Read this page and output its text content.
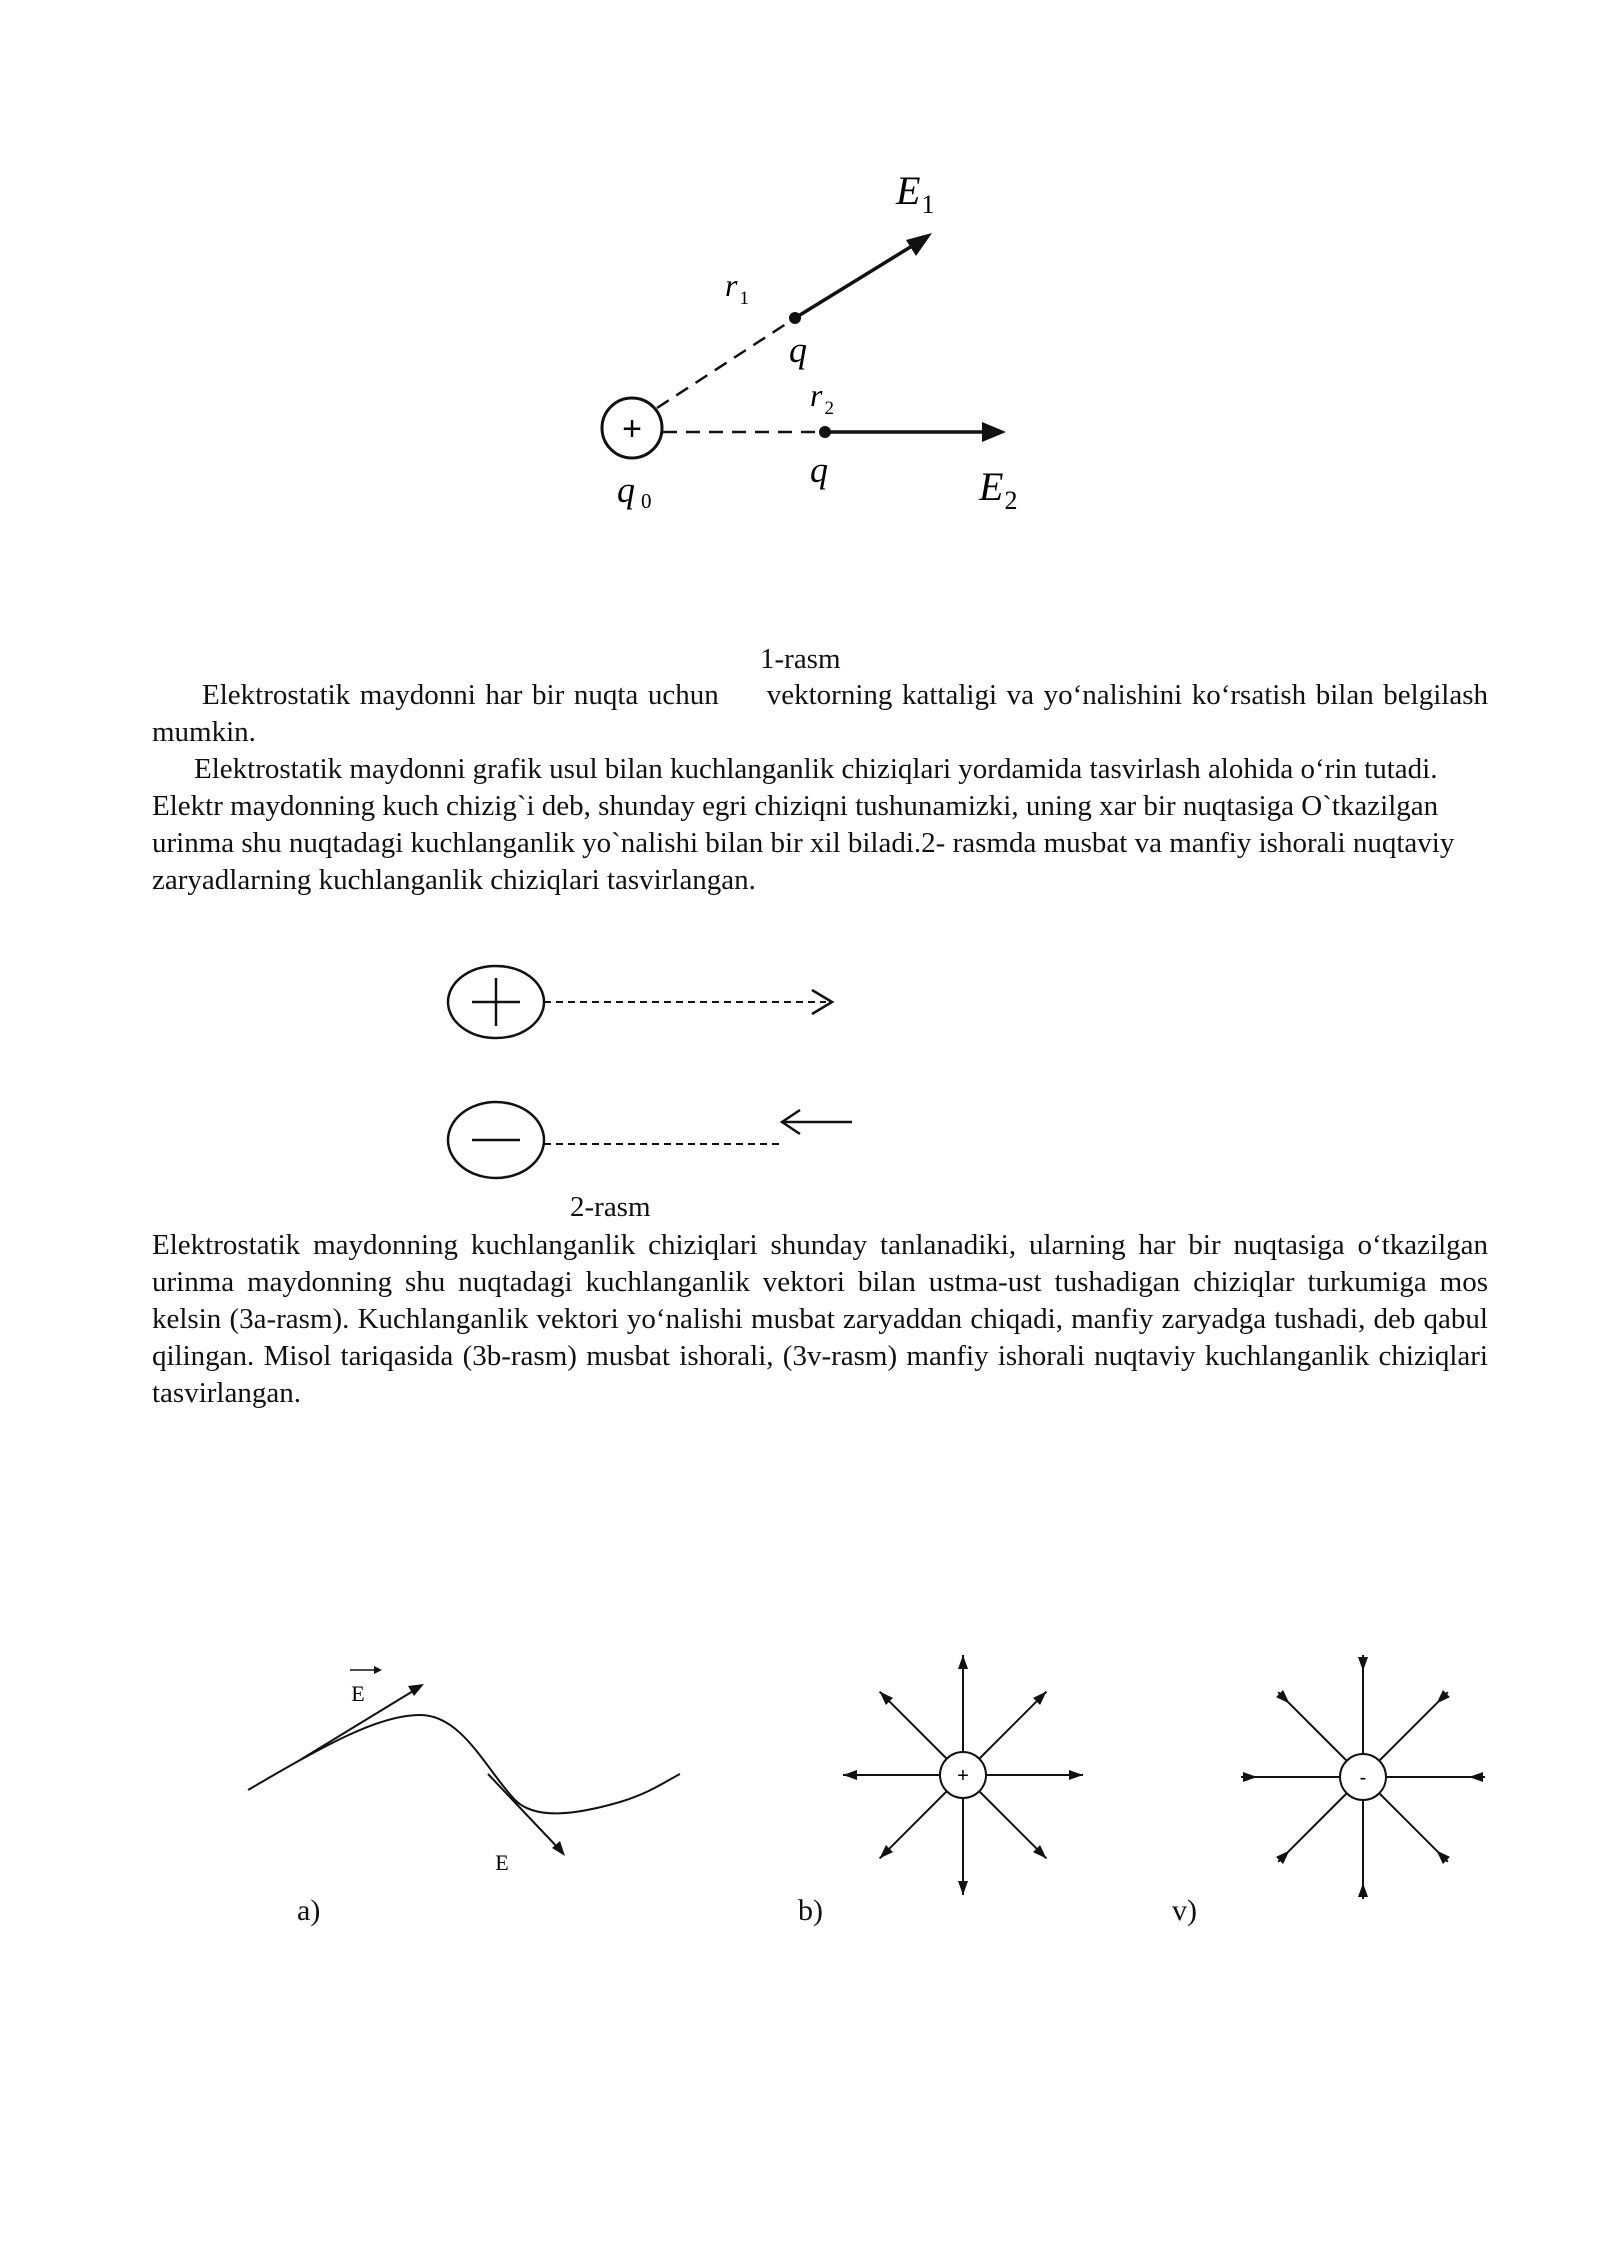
+
$E_1$
$E_2$
r $_1$
r $_2$
q
q
q 0
1-rasm

Elektrostatik maydonni har bir nuqta uchun vektorning kattaligi va yo‘nalishini ko‘rsatish bilan belgilash mumkin.

Elektrostatik maydonni grafik usul bilan kuchlanganlik chiziqlari yordamida tasvirlash alohida o‘rin tutadi. Elektr maydonning kuch chizig`i deb, shunday egri chiziqni tushunamizki, uning xar bir nuqtasiga O`tkazilgan urinma shu nuqtadagi kuchlanganlik yo`nalishi bilan bir xil biladi.2- rasmda musbat va manfiy ishorali nuqtaviy zaryadlarning kuchlanganlik chiziqlari tasvirlangan.

2-rasm

Elektrostatik maydonning kuchlanganlik chiziqlari shunday tanlanadiki, ularning har bir nuqtasiga o‘tkazilgan urinma maydonning shu nuqtadagi kuchlanganlik vektori bilan ustma-ust tushadigan chiziqlar turkumiga mos kelsin (3a-rasm). Kuchlanganlik vektori yo‘nalishi musbat zaryaddan chiqadi, manfiy zaryadga tushadi, deb qabul qilingan. Misol tariqasida (3b-rasm) musbat ishorali, (3v-rasm) manfiy ishorali nuqtaviy kuchlanganlik chiziqlari tasvirlangan.

E
E
+	-
a)	b)	v)
